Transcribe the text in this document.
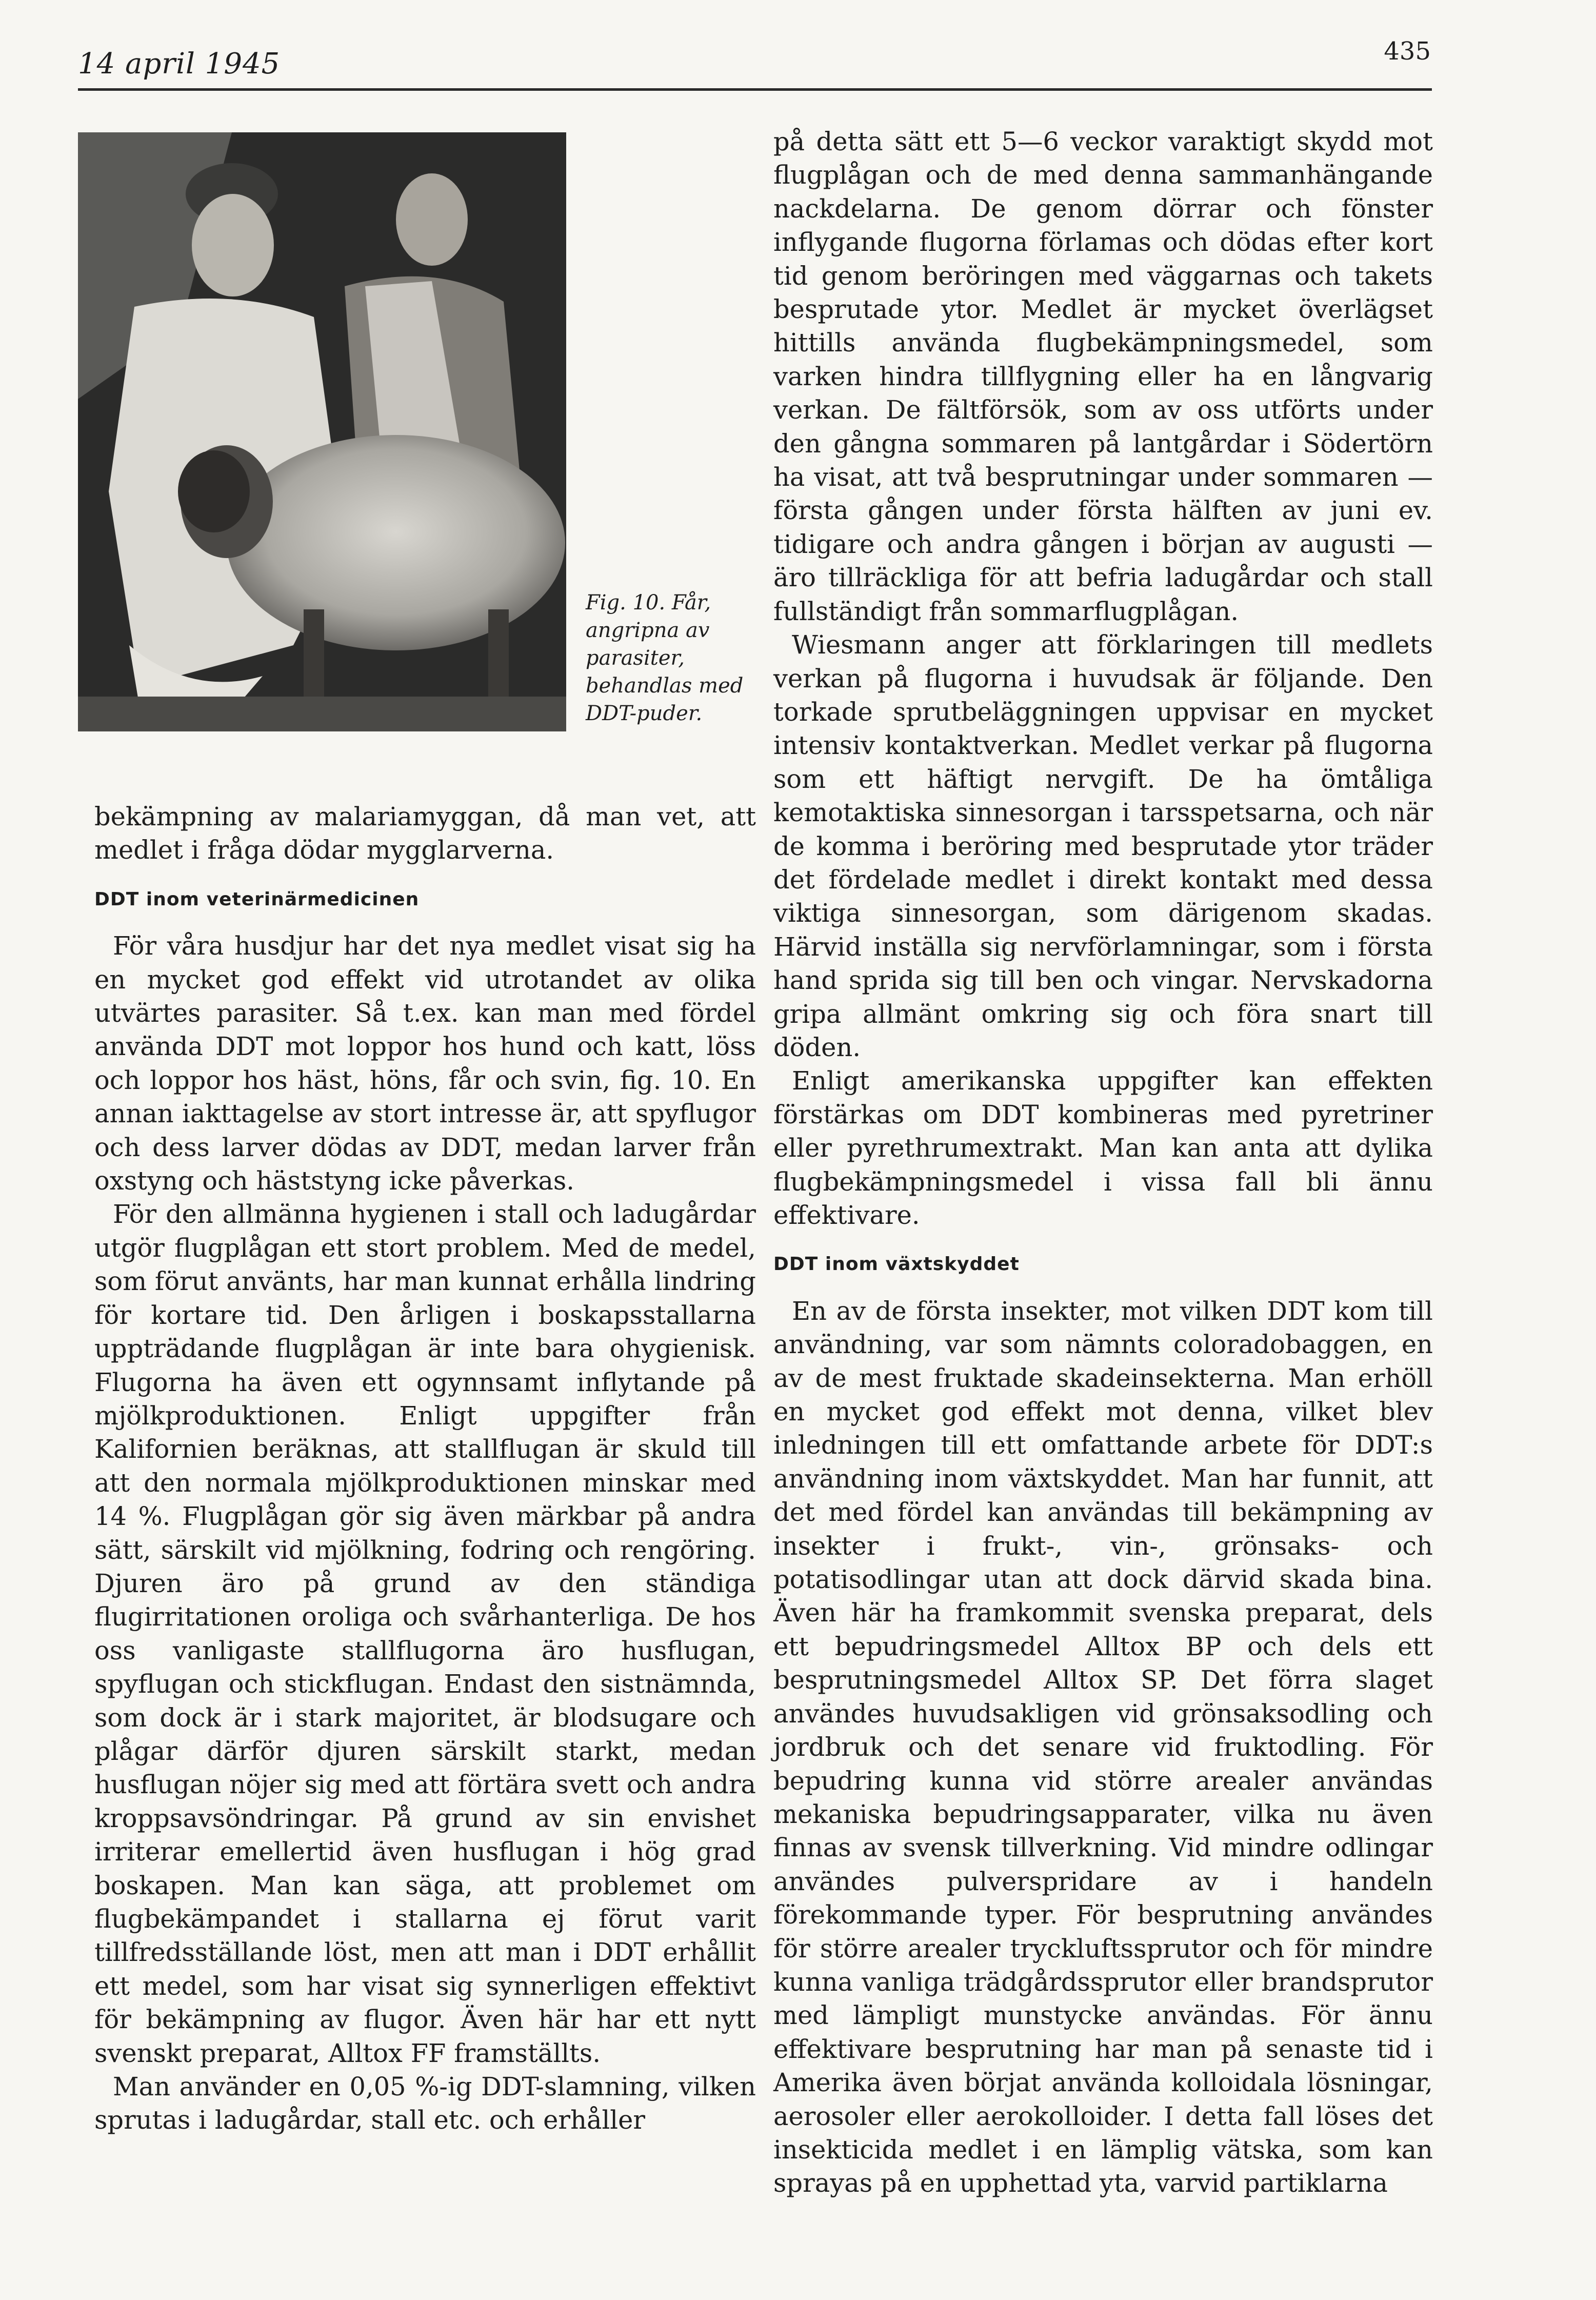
14 april 1945	435
Fig. 10. Får, angripna av parasiter, behandlas med DDT-puder.

bekämpning av malariamyggan, då man vet, att medlet i fråga dödar mygglarverna.

DDT inom veterinärmedicinen

För våra husdjur har det nya medlet visat sig ha en mycket god effekt vid utrotandet av olika utvärtes parasiter. Så t.ex. kan man med fördel använda DDT mot loppor hos hund och katt, löss och loppor hos häst, höns, får och svin, fig. 10. En annan iakttagelse av stort intresse är, att spyflugor och dess larver dödas av DDT, medan larver från oxstyng och häststyng icke påverkas.

För den allmänna hygienen i stall och ladugårdar utgör flugplågan ett stort problem. Med de medel, som förut använts, har man kunnat erhålla lindring för kortare tid. Den årligen i boskapsstallarna uppträdande flugplågan är inte bara ohygienisk. Flugorna ha även ett ogynnsamt inflytande på mjölkproduktionen. Enligt uppgifter från Kalifornien beräknas, att stallflugan är skuld till att den normala mjölkproduktionen minskar med 14 %. Flugplågan gör sig även märkbar på andra sätt, särskilt vid mjölkning, fodring och rengöring. Djuren äro på grund av den ständiga flugirritationen oroliga och svårhanterliga. De hos oss vanligaste stallflugorna äro husflugan, spyflugan och stickflugan. Endast den sistnämnda, som dock är i stark majoritet, är blodsugare och plågar därför djuren särskilt starkt, medan husflugan nöjer sig med att förtära svett och andra kroppsavsöndringar. På grund av sin envishet irriterar emellertid även husflugan i hög grad boskapen. Man kan säga, att problemet om flugbekämpandet i stallarna ej förut varit tillfredsställande löst, men att man i DDT erhållit ett medel, som har visat sig synnerligen effektivt för bekämpning av flugor. Även här har ett nytt svenskt preparat, Alltox FF framställts.

Man använder en 0,05 %-ig DDT-slamning, vilken sprutas i ladugårdar, stall etc. och erhåller

på detta sätt ett 5—6 veckor varaktigt skydd mot flugplågan och de med denna sammanhängande nackdelarna. De genom dörrar och fönster inflygande flugorna förlamas och dödas efter kort tid genom beröringen med väggarnas och takets besprutade ytor. Medlet är mycket överlägset hittills använda flugbekämpningsmedel, som varken hindra tillflygning eller ha en långvarig verkan. De fältförsök, som av oss utförts under den gångna sommaren på lantgårdar i Södertörn ha visat, att två besprutningar under sommaren — första gången under första hälften av juni ev. tidigare och andra gången i början av augusti — äro tillräckliga för att befria ladugårdar och stall fullständigt från sommarflugplågan.

Wiesmann anger att förklaringen till medlets verkan på flugorna i huvudsak är följande. Den torkade sprutbeläggningen uppvisar en mycket intensiv kontaktverkan. Medlet verkar på flugorna som ett häftigt nervgift. De ha ömtåliga kemotaktiska sinnesorgan i tarsspetsarna, och när de komma i beröring med besprutade ytor träder det fördelade medlet i direkt kontakt med dessa viktiga sinnesorgan, som därigenom skadas. Härvid inställa sig nervförlamningar, som i första hand sprida sig till ben och vingar. Nervskadorna gripa allmänt omkring sig och föra snart till döden.

Enligt amerikanska uppgifter kan effekten förstärkas om DDT kombineras med pyretriner eller pyrethrumextrakt. Man kan anta att dylika flugbekämpningsmedel i vissa fall bli ännu effektivare.

DDT inom växtskyddet

En av de första insekter, mot vilken DDT kom till användning, var som nämnts coloradobaggen, en av de mest fruktade skadeinsekterna. Man erhöll en mycket god effekt mot denna, vilket blev inledningen till ett omfattande arbete för DDT:s användning inom växtskyddet. Man har funnit, att det med fördel kan användas till bekämpning av insekter i frukt-, vin-, grönsaks- och potatisodlingar utan att dock därvid skada bina. Även här ha framkommit svenska preparat, dels ett bepudringsmedel Alltox BP och dels ett besprutningsmedel Alltox SP. Det förra slaget användes huvudsakligen vid grönsaksodling och jordbruk och det senare vid fruktodling. För bepudring kunna vid större arealer användas mekaniska bepudringsapparater, vilka nu även finnas av svensk tillverkning. Vid mindre odlingar användes pulverspridare av i handeln förekommande typer. För besprutning användes för större arealer tryckluftssprutor och för mindre kunna vanliga trädgårdssprutor eller brandsprutor med lämpligt munstycke användas. För ännu effektivare besprutning har man på senaste tid i Amerika även börjat använda kolloidala lösningar, aerosoler eller aerokolloider. I detta fall löses det insekticida medlet i en lämplig vätska, som kan sprayas på en upphettad yta, varvid partiklarna
